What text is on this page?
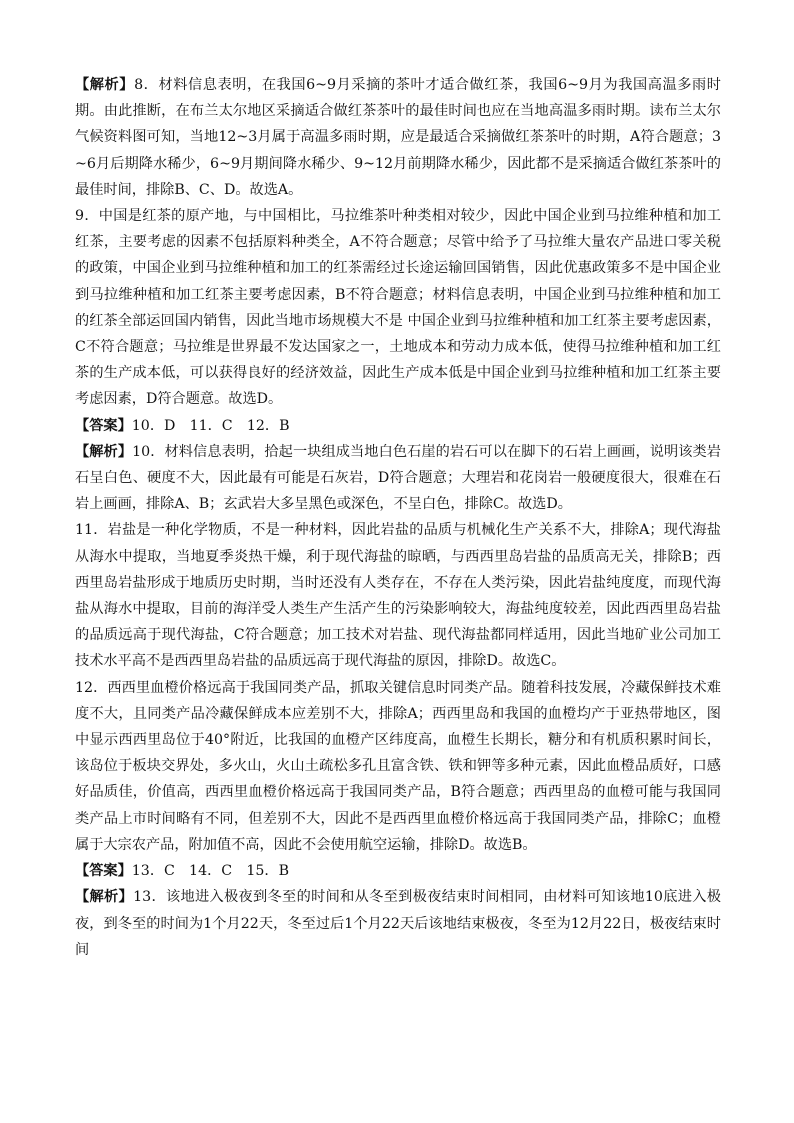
【解析】8．材料信息表明，在我国6~9月采摘的茶叶才适合做红茶，我国6~9月为我国高温多雨时期。由此推断，在布兰太尔地区采摘适合做红茶茶叶的最佳时间也应在当地高温多雨时期。读布兰太尔气候资料图可知，当地12~3月属于高温多雨时期，应是最适合采摘做红茶茶叶的时期，A符合题意；3~6月后期降水稀少，6~9月期间降水稀少、9~12月前期降水稀少，因此都不是采摘适合做红茶茶叶的最佳时间，排除B、C、D。故选A。

9．中国是红茶的原产地，与中国相比，马拉维茶叶种类相对较少，因此中国企业到马拉维种植和加工红茶，主要考虑的因素不包括原料种类全，A不符合题意；尽管中给予了马拉维大量农产品进口零关税的政策，中国企业到马拉维种植和加工的红茶需经过长途运输回国销售，因此优惠政策多不是中国企业到马拉维种植和加工红茶主要考虑因素，B不符合题意；材料信息表明，中国企业到马拉维种植和加工的红茶全部运回国内销售，因此当地市场规模大不是 中国企业到马拉维种植和加工红茶主要考虑因素，C不符合题意；马拉维是世界最不发达国家之一，土地成本和劳动力成本低，使得马拉维种植和加工红茶的生产成本低，可以获得良好的经济效益，因此生产成本低是中国企业到马拉维种植和加工红茶主要考虑因素，D符合题意。故选D。

【答案】10．D　11．C　12．B

【解析】10．材料信息表明，拾起一块组成当地白色石崖的岩石可以在脚下的石岩上画画，说明该类岩石呈白色、硬度不大，因此最有可能是石灰岩，D符合题意；大理岩和花岗岩一般硬度很大，很难在石岩上画画，排除A、B；玄武岩大多呈黑色或深色，不呈白色，排除C。故选D。

11．岩盐是一种化学物质，不是一种材料，因此岩盐的品质与机械化生产关系不大，排除A；现代海盐从海水中提取，当地夏季炎热干燥，利于现代海盐的晾晒，与西西里岛岩盐的品质高无关，排除B；西西里岛岩盐形成于地质历史时期，当时还没有人类存在，不存在人类污染，因此岩盐纯度度，而现代海盐从海水中提取，目前的海洋受人类生产生活产生的污染影响较大，海盐纯度较差，因此西西里岛岩盐的品质远高于现代海盐，C符合题意；加工技术对岩盐、现代海盐都同样适用，因此当地矿业公司加工技术水平高不是西西里岛岩盐的品质远高于现代海盐的原因，排除D。故选C。

12．西西里血橙价格远高于我国同类产品，抓取关键信息时同类产品。随着科技发展，冷藏保鲜技术难度不大，且同类产品冷藏保鲜成本应差别不大，排除A；西西里岛和我国的血橙均产于亚热带地区，图中显示西西里岛位于40°附近，比我国的血橙产区纬度高，血橙生长期长，糖分和有机质积累时间长，该岛位于板块交界处，多火山，火山土疏松多孔且富含铁、铁和钾等多种元素，因此血橙品质好，口感好品质佳，价值高，西西里血橙价格远高于我国同类产品，B符合题意；西西里岛的血橙可能与我国同类产品上市时间略有不同，但差别不大，因此不是西西里血橙价格远高于我国同类产品，排除C；血橙属于大宗农产品，附加值不高，因此不会使用航空运输，排除D。故选B。

【答案】13．C　14．C　15．B

【解析】13．该地进入极夜到冬至的时间和从冬至到极夜结束时间相同，由材料可知该地10底进入极夜，到冬至的时间为1个月22天，冬至过后1个月22天后该地结束极夜，冬至为12月22日，极夜结束时间
